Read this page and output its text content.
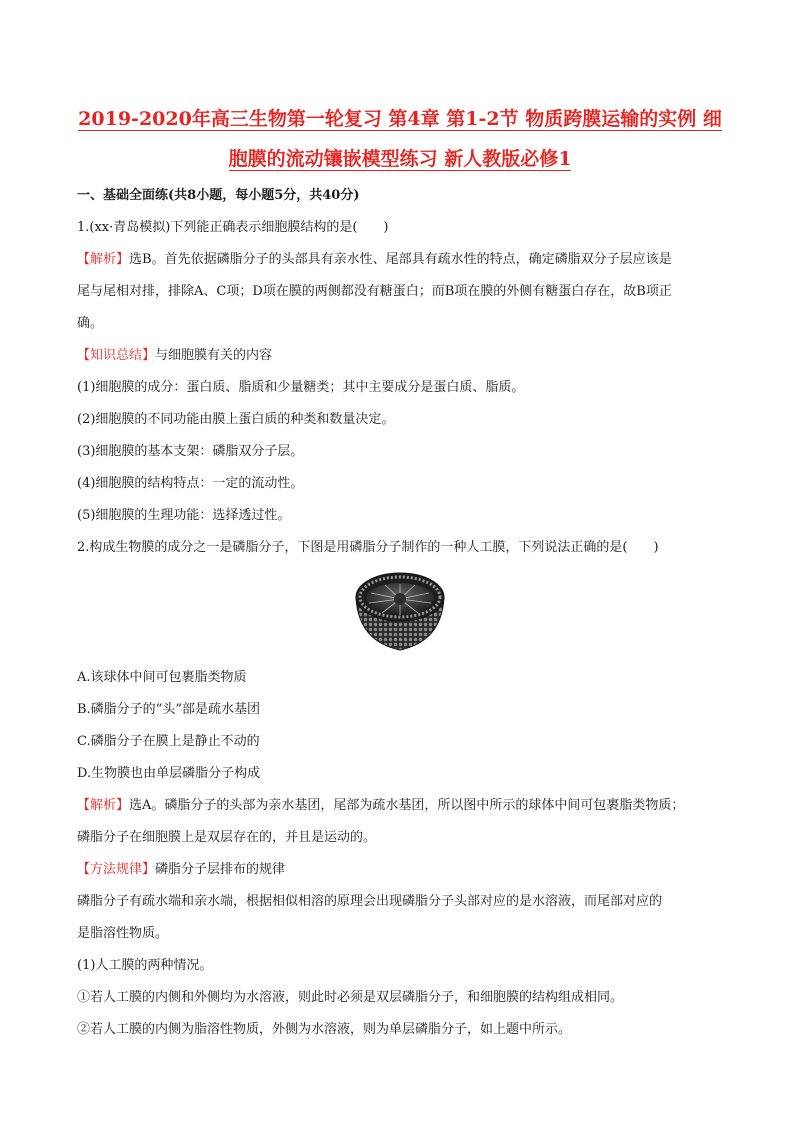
2019-2020年高三生物第一轮复习 第4章 第1-2节 物质跨膜运输的实例 细
胞膜的流动镶嵌模型练习 新人教版必修1
一、基础全面练(共8小题，每小题5分，共40分)
1.(xx·青岛模拟)下列能正确表示细胞膜结构的是(　　)
【解析】选B。首先依据磷脂分子的头部具有亲水性、尾部具有疏水性的特点，确定磷脂双分子层应该是
尾与尾相对排，排除A、C项；D项在膜的两侧都没有糖蛋白；而B项在膜的外侧有糖蛋白存在，故B项正
确。
【知识总结】与细胞膜有关的内容
(1)细胞膜的成分：蛋白质、脂质和少量糖类；其中主要成分是蛋白质、脂质。
(2)细胞膜的不同功能由膜上蛋白质的种类和数量决定。
(3)细胞膜的基本支架：磷脂双分子层。
(4)细胞膜的结构特点：一定的流动性。
(5)细胞膜的生理功能：选择透过性。
2.构成生物膜的成分之一是磷脂分子，下图是用磷脂分子制作的一种人工膜，下列说法正确的是(　　)
A.该球体中间可包裹脂类物质
B.磷脂分子的“头”部是疏水基团
C.磷脂分子在膜上是静止不动的
D.生物膜也由单层磷脂分子构成
【解析】选A。磷脂分子的头部为亲水基团，尾部为疏水基团，所以图中所示的球体中间可包裹脂类物质；
磷脂分子在细胞膜上是双层存在的，并且是运动的。
【方法规律】磷脂分子层排布的规律
磷脂分子有疏水端和亲水端，根据相似相溶的原理会出现磷脂分子头部对应的是水溶液，而尾部对应的
是脂溶性物质。
(1)人工膜的两种情况。
①若人工膜的内侧和外侧均为水溶液，则此时必须是双层磷脂分子，和细胞膜的结构组成相同。
②若人工膜的内侧为脂溶性物质，外侧为水溶液，则为单层磷脂分子，如上题中所示。
